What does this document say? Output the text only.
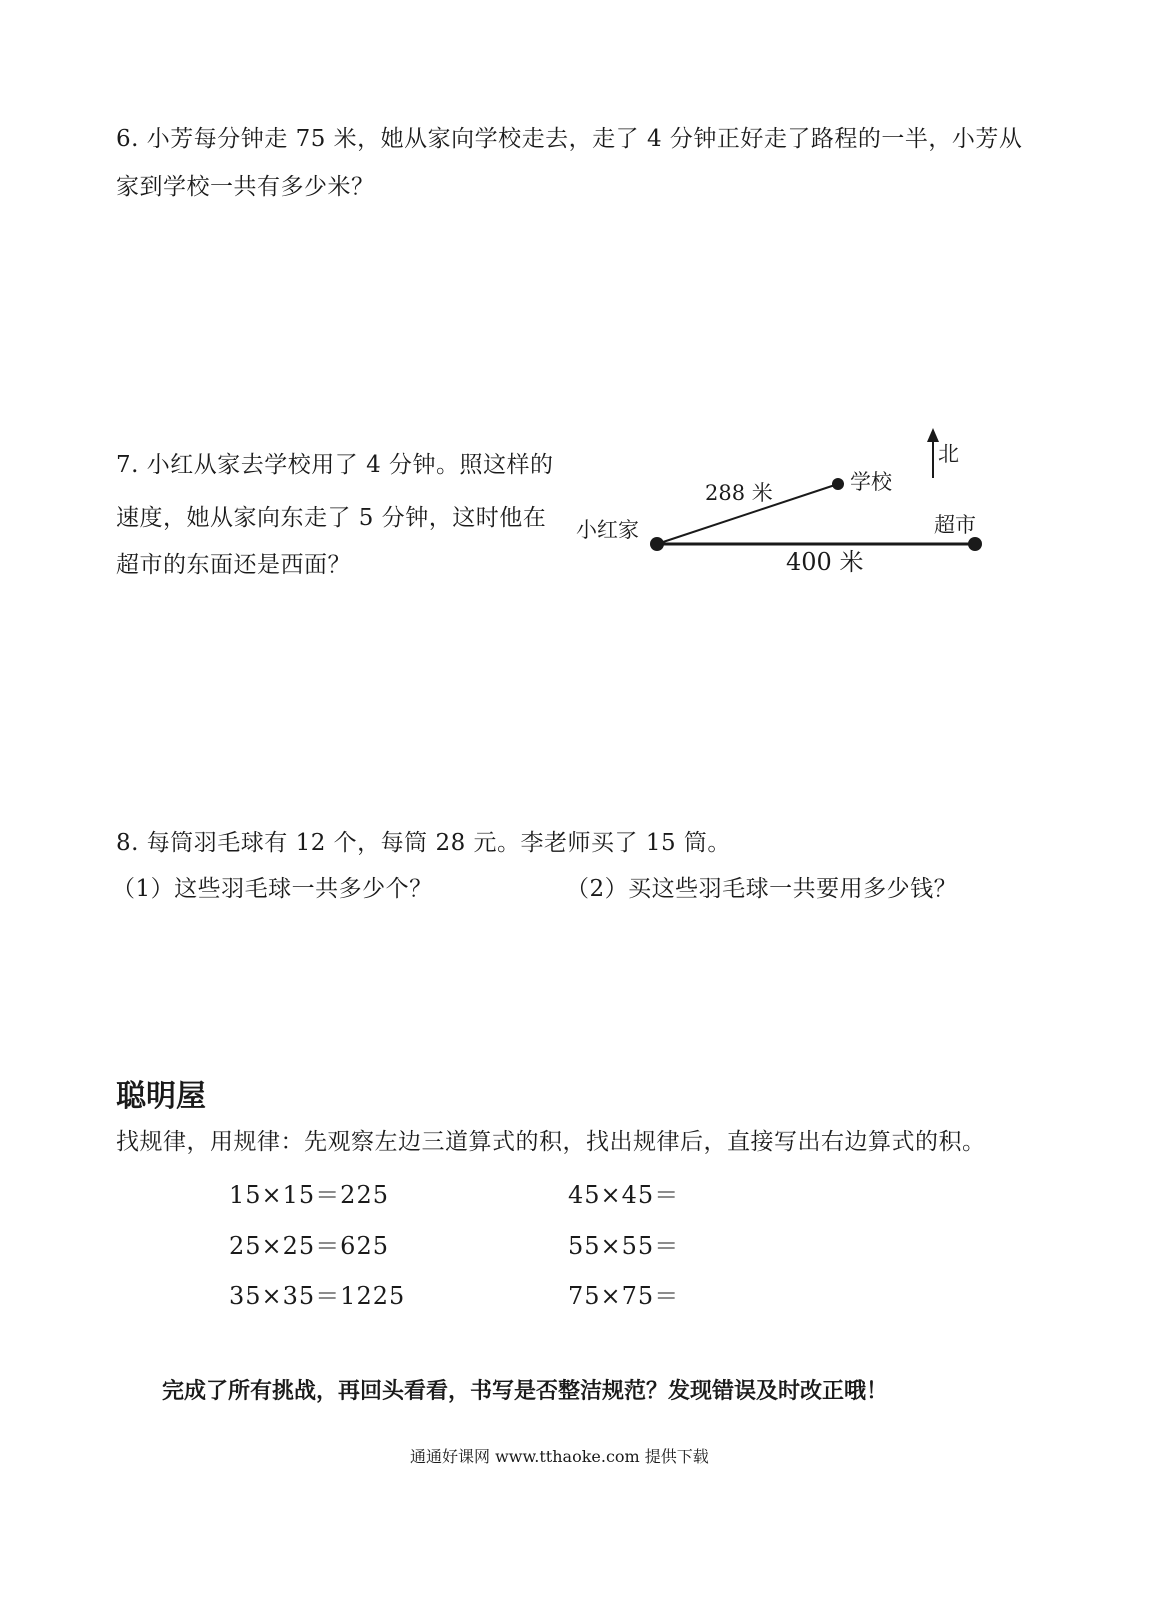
6. 小芳每分钟走 75 米，她从家向学校走去，走了 4 分钟正好走了路程的一半，小芳从
家到学校一共有多少米？
7. 小红从家去学校用了 4 分钟。照这样的
速度，她从家向东走了 5 分钟，这时他在
超市的东面还是西面？
北
小红家
学校
超市
288 米
400 米
8. 每筒羽毛球有 12 个，每筒 28 元。李老师买了 15 筒。
（1）这些羽毛球一共多少个？	（2）买这些羽毛球一共要用多少钱？
聪明屋
找规律，用规律：先观察左边三道算式的积，找出规律后，直接写出右边算式的积。
15×15＝225
25×25＝625
35×35＝1225
45×45＝
55×55＝
75×75＝
完成了所有挑战，再回头看看，书写是否整洁规范？发现错误及时改正哦！
通通好课网 www.tthaoke.com 提供下载
